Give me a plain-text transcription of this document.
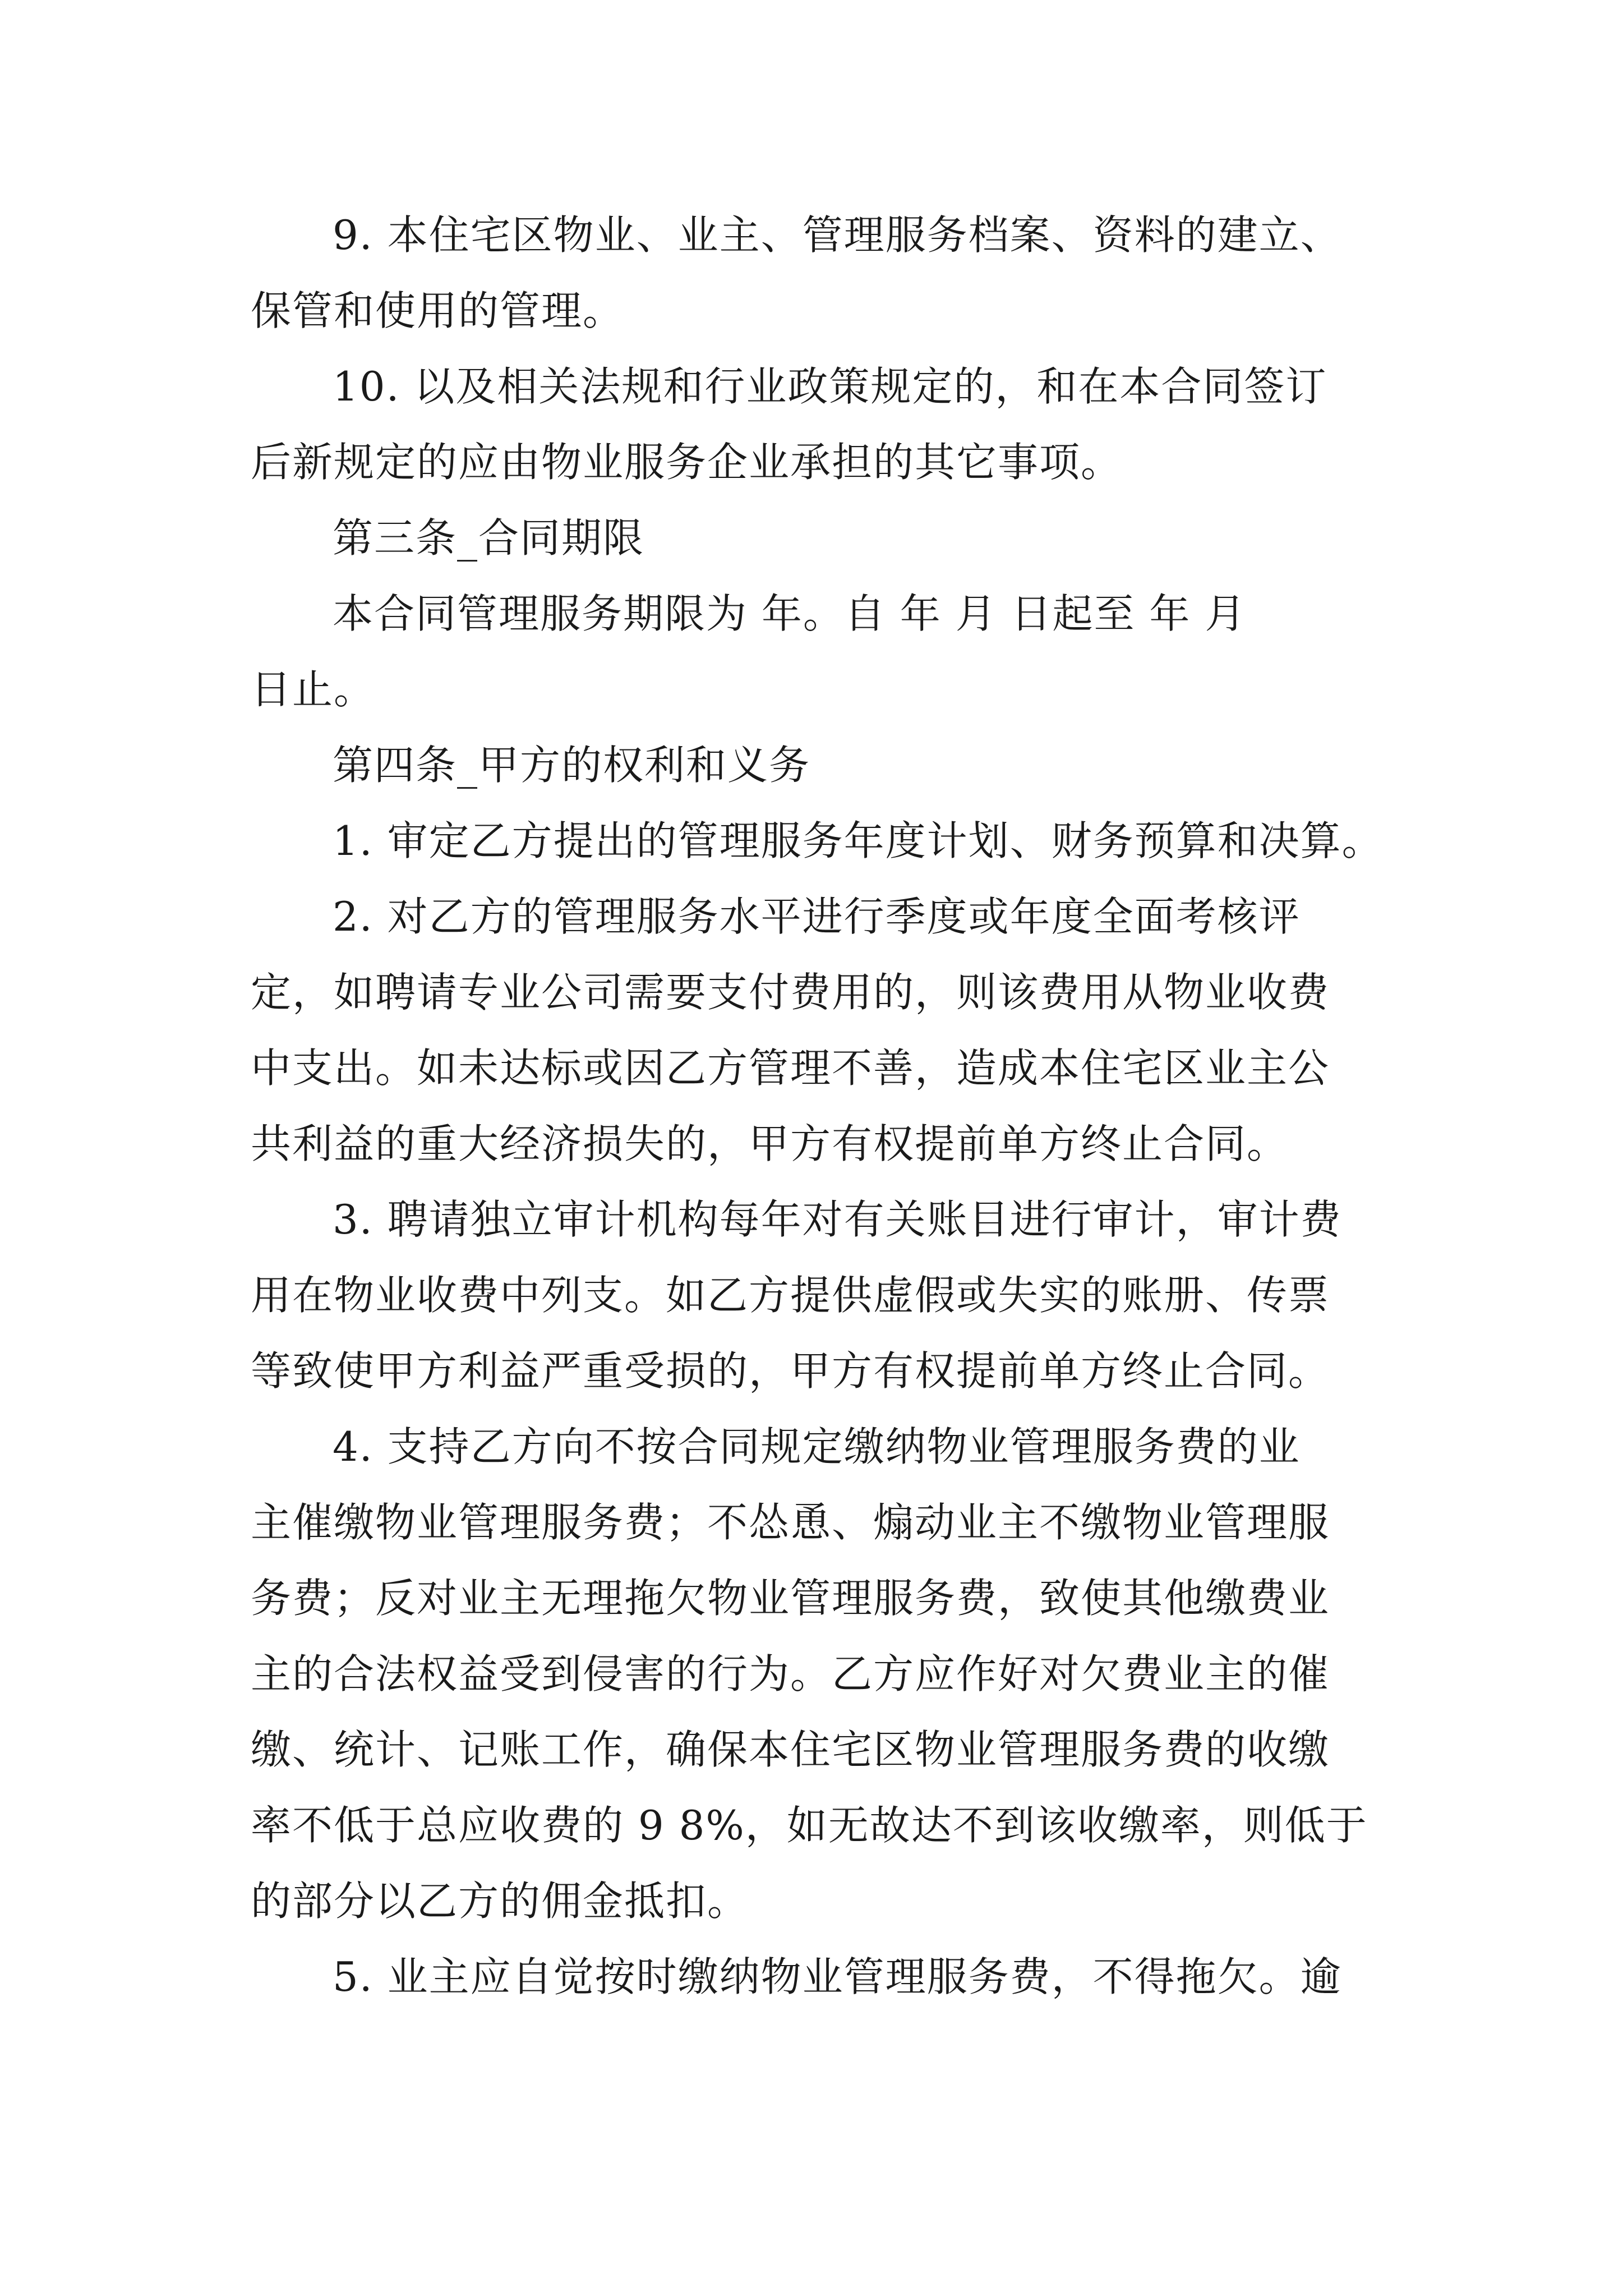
9. 本住宅区物业、业主、管理服务档案、资料的建立、
保管和使用的管理。
10. 以及相关法规和行业政策规定的，和在本合同签订
后新规定的应由物业服务企业承担的其它事项。
第三条_合同期限
本合同管理服务期限为 年。自 年 月 日起至 年 月
日止。
第四条_甲方的权利和义务
1. 审定乙方提出的管理服务年度计划、财务预算和决算。
2. 对乙方的管理服务水平进行季度或年度全面考核评
定，如聘请专业公司需要支付费用的，则该费用从物业收费
中支出。如未达标或因乙方管理不善，造成本住宅区业主公
共利益的重大经济损失的，甲方有权提前单方终止合同。
3. 聘请独立审计机构每年对有关账目进行审计，审计费
用在物业收费中列支。如乙方提供虚假或失实的账册、传票
等致使甲方利益严重受损的，甲方有权提前单方终止合同。
4. 支持乙方向不按合同规定缴纳物业管理服务费的业
主催缴物业管理服务费；不怂恿、煽动业主不缴物业管理服
务费；反对业主无理拖欠物业管理服务费，致使其他缴费业
主的合法权益受到侵害的行为。乙方应作好对欠费业主的催
缴、统计、记账工作，确保本住宅区物业管理服务费的收缴
率不低于总应收费的 9 8%，如无故达不到该收缴率，则低于
的部分以乙方的佣金抵扣。
5. 业主应自觉按时缴纳物业管理服务费，不得拖欠。逾
